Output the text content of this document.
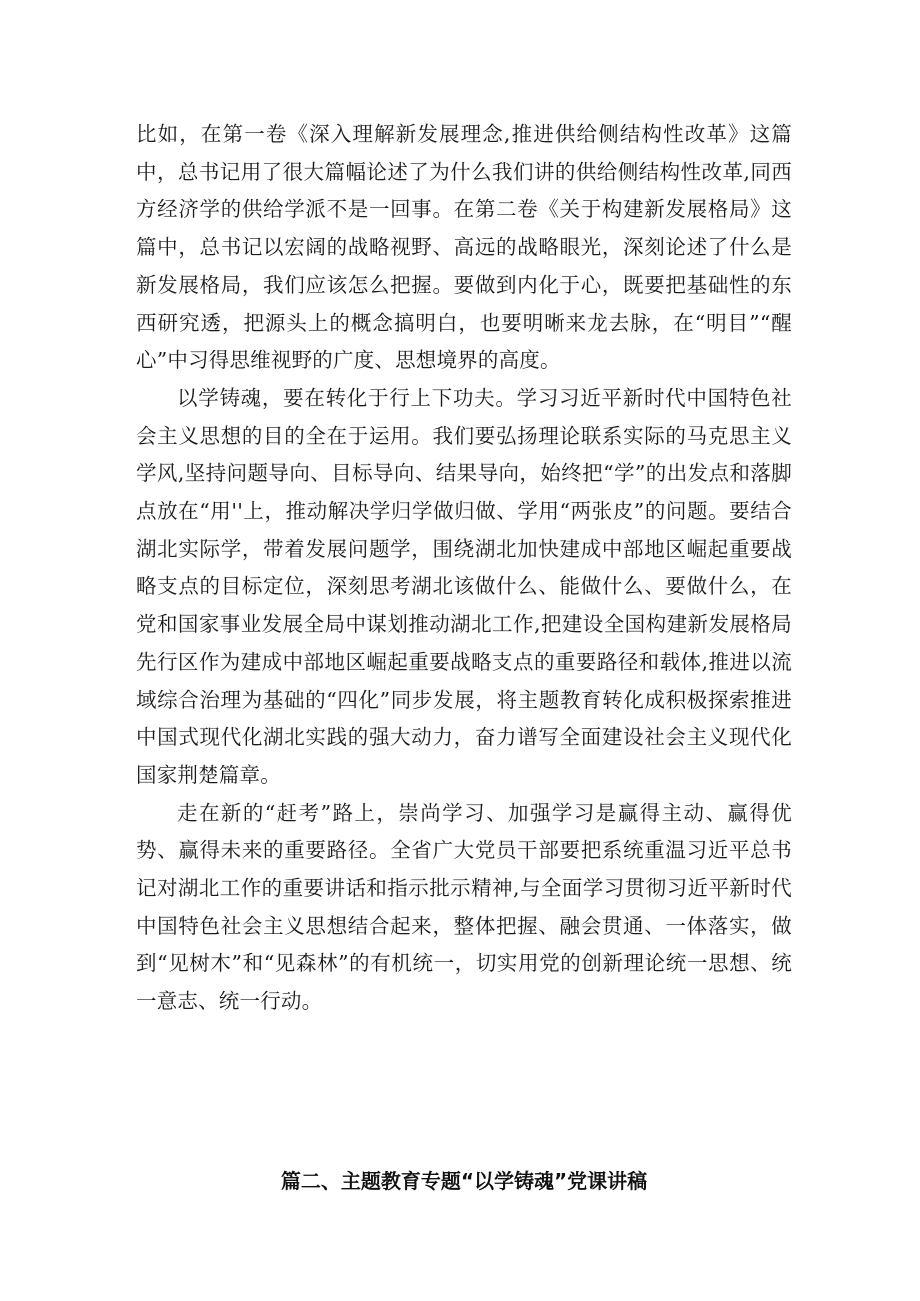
比如，在第一卷《深入理解新发展理念,推进供给侧结构性改革》这篇中，总书记用了很大篇幅论述了为什么我们讲的供给侧结构性改革,同西方经济学的供给学派不是一回事。在第二卷《关于构建新发展格局》这篇中，总书记以宏阔的战略视野、高远的战略眼光，深刻论述了什么是新发展格局，我们应该怎么把握。要做到内化于心，既要把基础性的东西研究透，把源头上的概念搞明白，也要明晰来龙去脉，在“明目”“醒心”中习得思维视野的广度、思想境界的高度。

以学铸魂，要在转化于行上下功夫。学习习近平新时代中国特色社会主义思想的目的全在于运用。我们要弘扬理论联系实际的马克思主义学风,坚持问题导向、目标导向、结果导向，始终把“学”的出发点和落脚点放在“用''上，推动解决学归学做归做、学用“两张皮”的问题。要结合湖北实际学，带着发展问题学，围绕湖北加快建成中部地区崛起重要战略支点的目标定位，深刻思考湖北该做什么、能做什么、要做什么，在党和国家事业发展全局中谋划推动湖北工作,把建设全国构建新发展格局先行区作为建成中部地区崛起重要战略支点的重要路径和载体,推进以流域综合治理为基础的“四化”同步发展，将主题教育转化成积极探索推进中国式现代化湖北实践的强大动力，奋力谱写全面建设社会主义现代化国家荆楚篇章。

走在新的“赶考”路上，崇尚学习、加强学习是赢得主动、赢得优势、赢得未来的重要路径。全省广大党员干部要把系统重温习近平总书记对湖北工作的重要讲话和指示批示精神,与全面学习贯彻习近平新时代中国特色社会主义思想结合起来，整体把握、融会贯通、一体落实，做到“见树木”和“见森林”的有机统一，切实用党的创新理论统一思想、统一意志、统一行动。

篇二、主题教育专题“以学铸魂”党课讲稿
